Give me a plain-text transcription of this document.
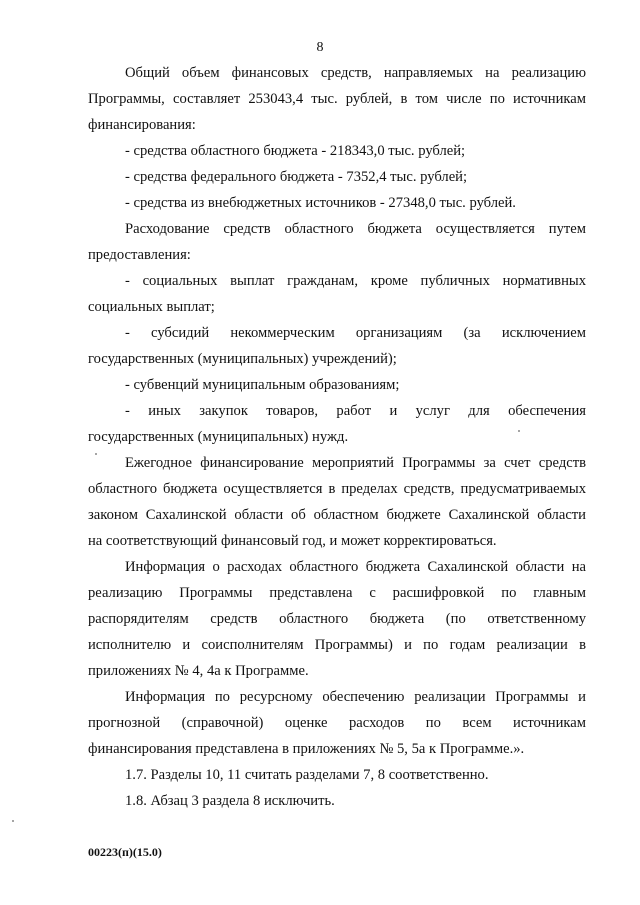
8
Общий объем финансовых средств, направляемых на реализацию
Программы, составляет 253043,4 тыс. рублей, в том числе по источникам
финансирования:
- средства областного бюджета - 218343,0 тыс. рублей;
- средства федерального бюджета - 7352,4 тыс. рублей;
- средства из внебюджетных источников - 27348,0 тыс. рублей.
Расходование средств областного бюджета осуществляется путем
предоставления:
- социальных выплат гражданам, кроме публичных нормативных
социальных выплат;
- субсидий некоммерческим организациям (за исключением
государственных (муниципальных) учреждений);
- субвенций муниципальным образованиям;
- иных закупок товаров, работ и услуг для обеспечения
государственных (муниципальных) нужд.
Ежегодное финансирование мероприятий Программы за счет средств
областного бюджета осуществляется в пределах средств, предусматриваемых
законом Сахалинской области об областном бюджете Сахалинской области
на соответствующий финансовый год, и может корректироваться.
Информация о расходах областного бюджета Сахалинской области на
реализацию Программы представлена с расшифровкой по главным
распорядителям средств областного бюджета (по ответственному
исполнителю и соисполнителям Программы) и по годам реализации в
приложениях № 4, 4а к Программе.
Информация по ресурсному обеспечению реализации Программы и
прогнозной (справочной) оценке расходов по всем источникам
финансирования представлена в приложениях № 5, 5а к Программе.».
1.7. Разделы 10, 11 считать разделами 7, 8 соответственно.
1.8. Абзац 3 раздела 8 исключить.
00223(п)(15.0)
